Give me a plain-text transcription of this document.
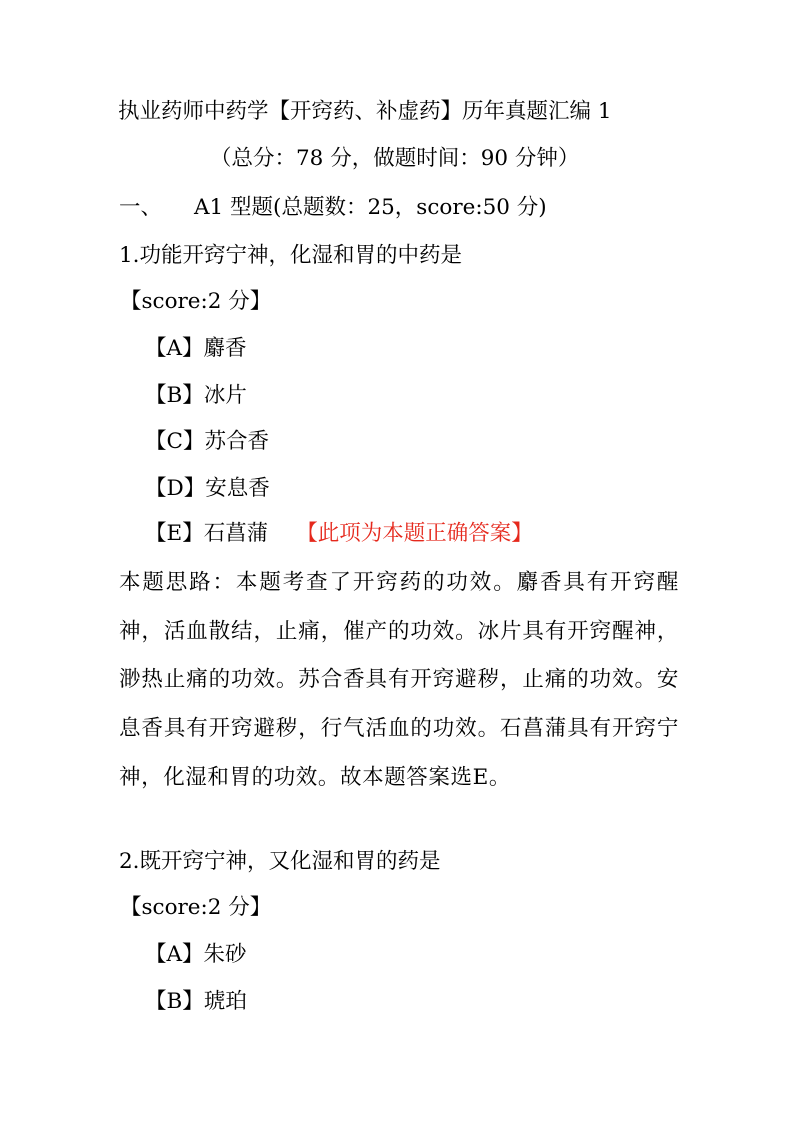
执业药师中药学【开窍药、补虚药】历年真题汇编 1
（总分：78 分，做题时间：90 分钟）
一、 A1 型题(总题数：25，score:50 分)
1.功能开窍宁神，化湿和胃的中药是
【score:2 分】
【A】麝香
【B】冰片
【C】苏合香
【D】安息香
【E】石菖蒲 【此项为本题正确答案】
本题思路：本题考查了开窍药的功效。麝香具有开窍醒神，活血散结，止痛，催产的功效。冰片具有开窍醒神，渺热止痛的功效。苏合香具有开窍避秽，止痛的功效。安息香具有开窍避秽，行气活血的功效。石菖蒲具有开窍宁神，化湿和胃的功效。故本题答案选E。
2.既开窍宁神，又化湿和胃的药是
【score:2 分】
【A】朱砂
【B】琥珀
